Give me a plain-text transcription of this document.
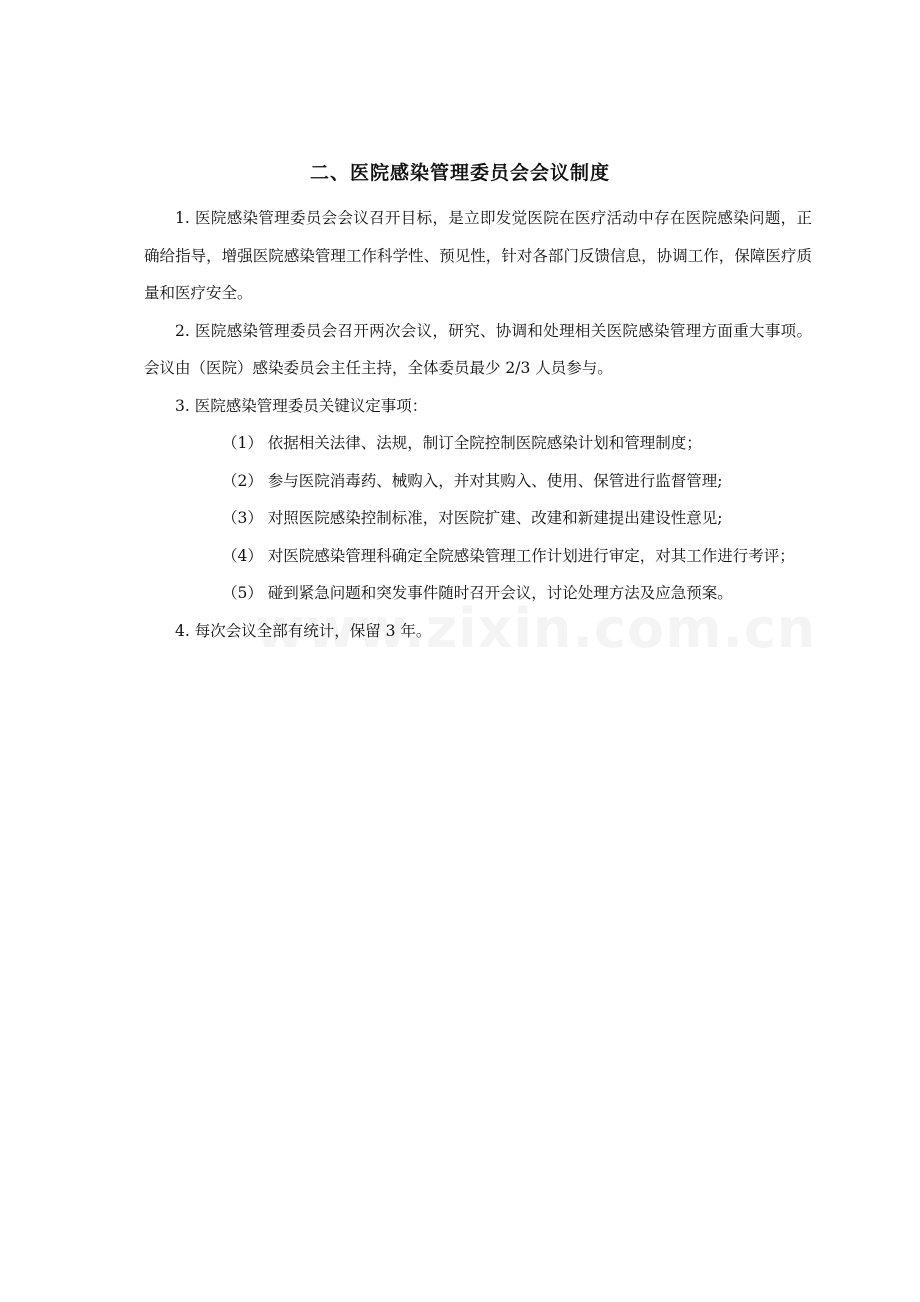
二、医院感染管理委员会会议制度

1. 医院感染管理委员会会议召开目标，是立即发觉医院在医疗活动中存在医院感染问题，正确给指导，增强医院感染管理工作科学性、预见性，针对各部门反馈信息，协调工作，保障医疗质量和医疗安全。

2. 医院感染管理委员会召开两次会议，研究、协调和处理相关医院感染管理方面重大事项。会议由（医院）感染委员会主任主持，全体委员最少 2/3 人员参与。

3. 医院感染管理委员关键议定事项：

（1） 依据相关法律、法规，制订全院控制医院感染计划和管理制度；

（2） 参与医院消毒药、械购入，并对其购入、使用、保管进行监督管理;

（3） 对照医院感染控制标准，对医院扩建、改建和新建提出建设性意见;

（4） 对医院感染管理科确定全院感染管理工作计划进行审定，对其工作进行考评；

（5） 碰到紧急问题和突发事件随时召开会议，讨论处理方法及应急预案。

4. 每次会议全部有统计，保留 3 年。
